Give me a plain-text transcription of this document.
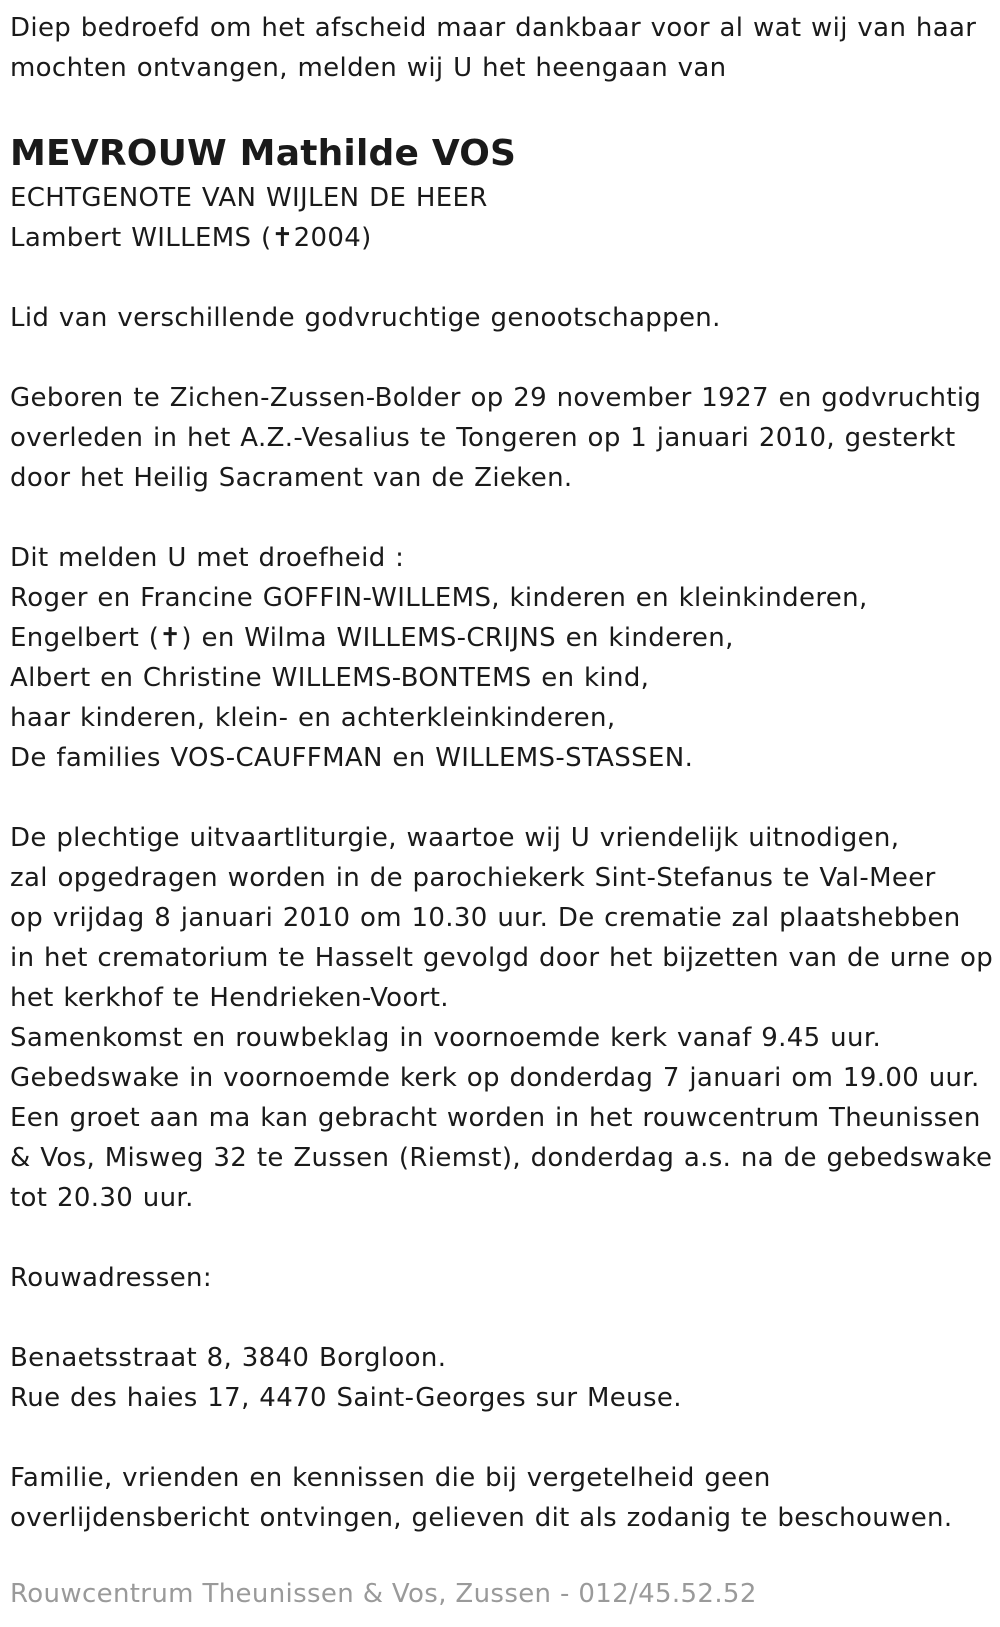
Diep bedroefd om het afscheid maar dankbaar voor al wat wij van haar
mochten ontvangen, melden wij U het heengaan van
MEVROUW Mathilde VOS
ECHTGENOTE VAN WIJLEN DE HEER
Lambert WILLEMS (✝2004)
Lid van verschillende godvruchtige genootschappen.
Geboren te Zichen-Zussen-Bolder op 29 november 1927 en godvruchtig
overleden in het A.Z.-Vesalius te Tongeren op 1 januari 2010, gesterkt
door het Heilig Sacrament van de Zieken.
Dit melden U met droefheid :
Roger en Francine GOFFIN-WILLEMS, kinderen en kleinkinderen,
Engelbert (✝) en Wilma WILLEMS-CRIJNS en kinderen,
Albert en Christine WILLEMS-BONTEMS en kind,
haar kinderen, klein- en achterkleinkinderen,
De families VOS-CAUFFMAN en WILLEMS-STASSEN.
De plechtige uitvaartliturgie, waartoe wij U vriendelijk uitnodigen,
zal opgedragen worden in de parochiekerk Sint-Stefanus te Val-Meer
op vrijdag 8 januari 2010 om 10.30 uur. De crematie zal plaatshebben
in het crematorium te Hasselt gevolgd door het bijzetten van de urne op
het kerkhof te Hendrieken-Voort.
Samenkomst en rouwbeklag in voornoemde kerk vanaf 9.45 uur.
Gebedswake in voornoemde kerk op donderdag 7 januari om 19.00 uur.
Een groet aan ma kan gebracht worden in het rouwcentrum Theunissen
& Vos, Misweg 32 te Zussen (Riemst), donderdag a.s. na de gebedswake
tot 20.30 uur.
Rouwadressen:
Benaetsstraat 8, 3840 Borgloon.
Rue des haies 17, 4470 Saint-Georges sur Meuse.
Familie, vrienden en kennissen die bij vergetelheid geen
overlijdensbericht ontvingen, gelieven dit als zodanig te beschouwen.
Rouwcentrum Theunissen & Vos, Zussen - 012/45.52.52
